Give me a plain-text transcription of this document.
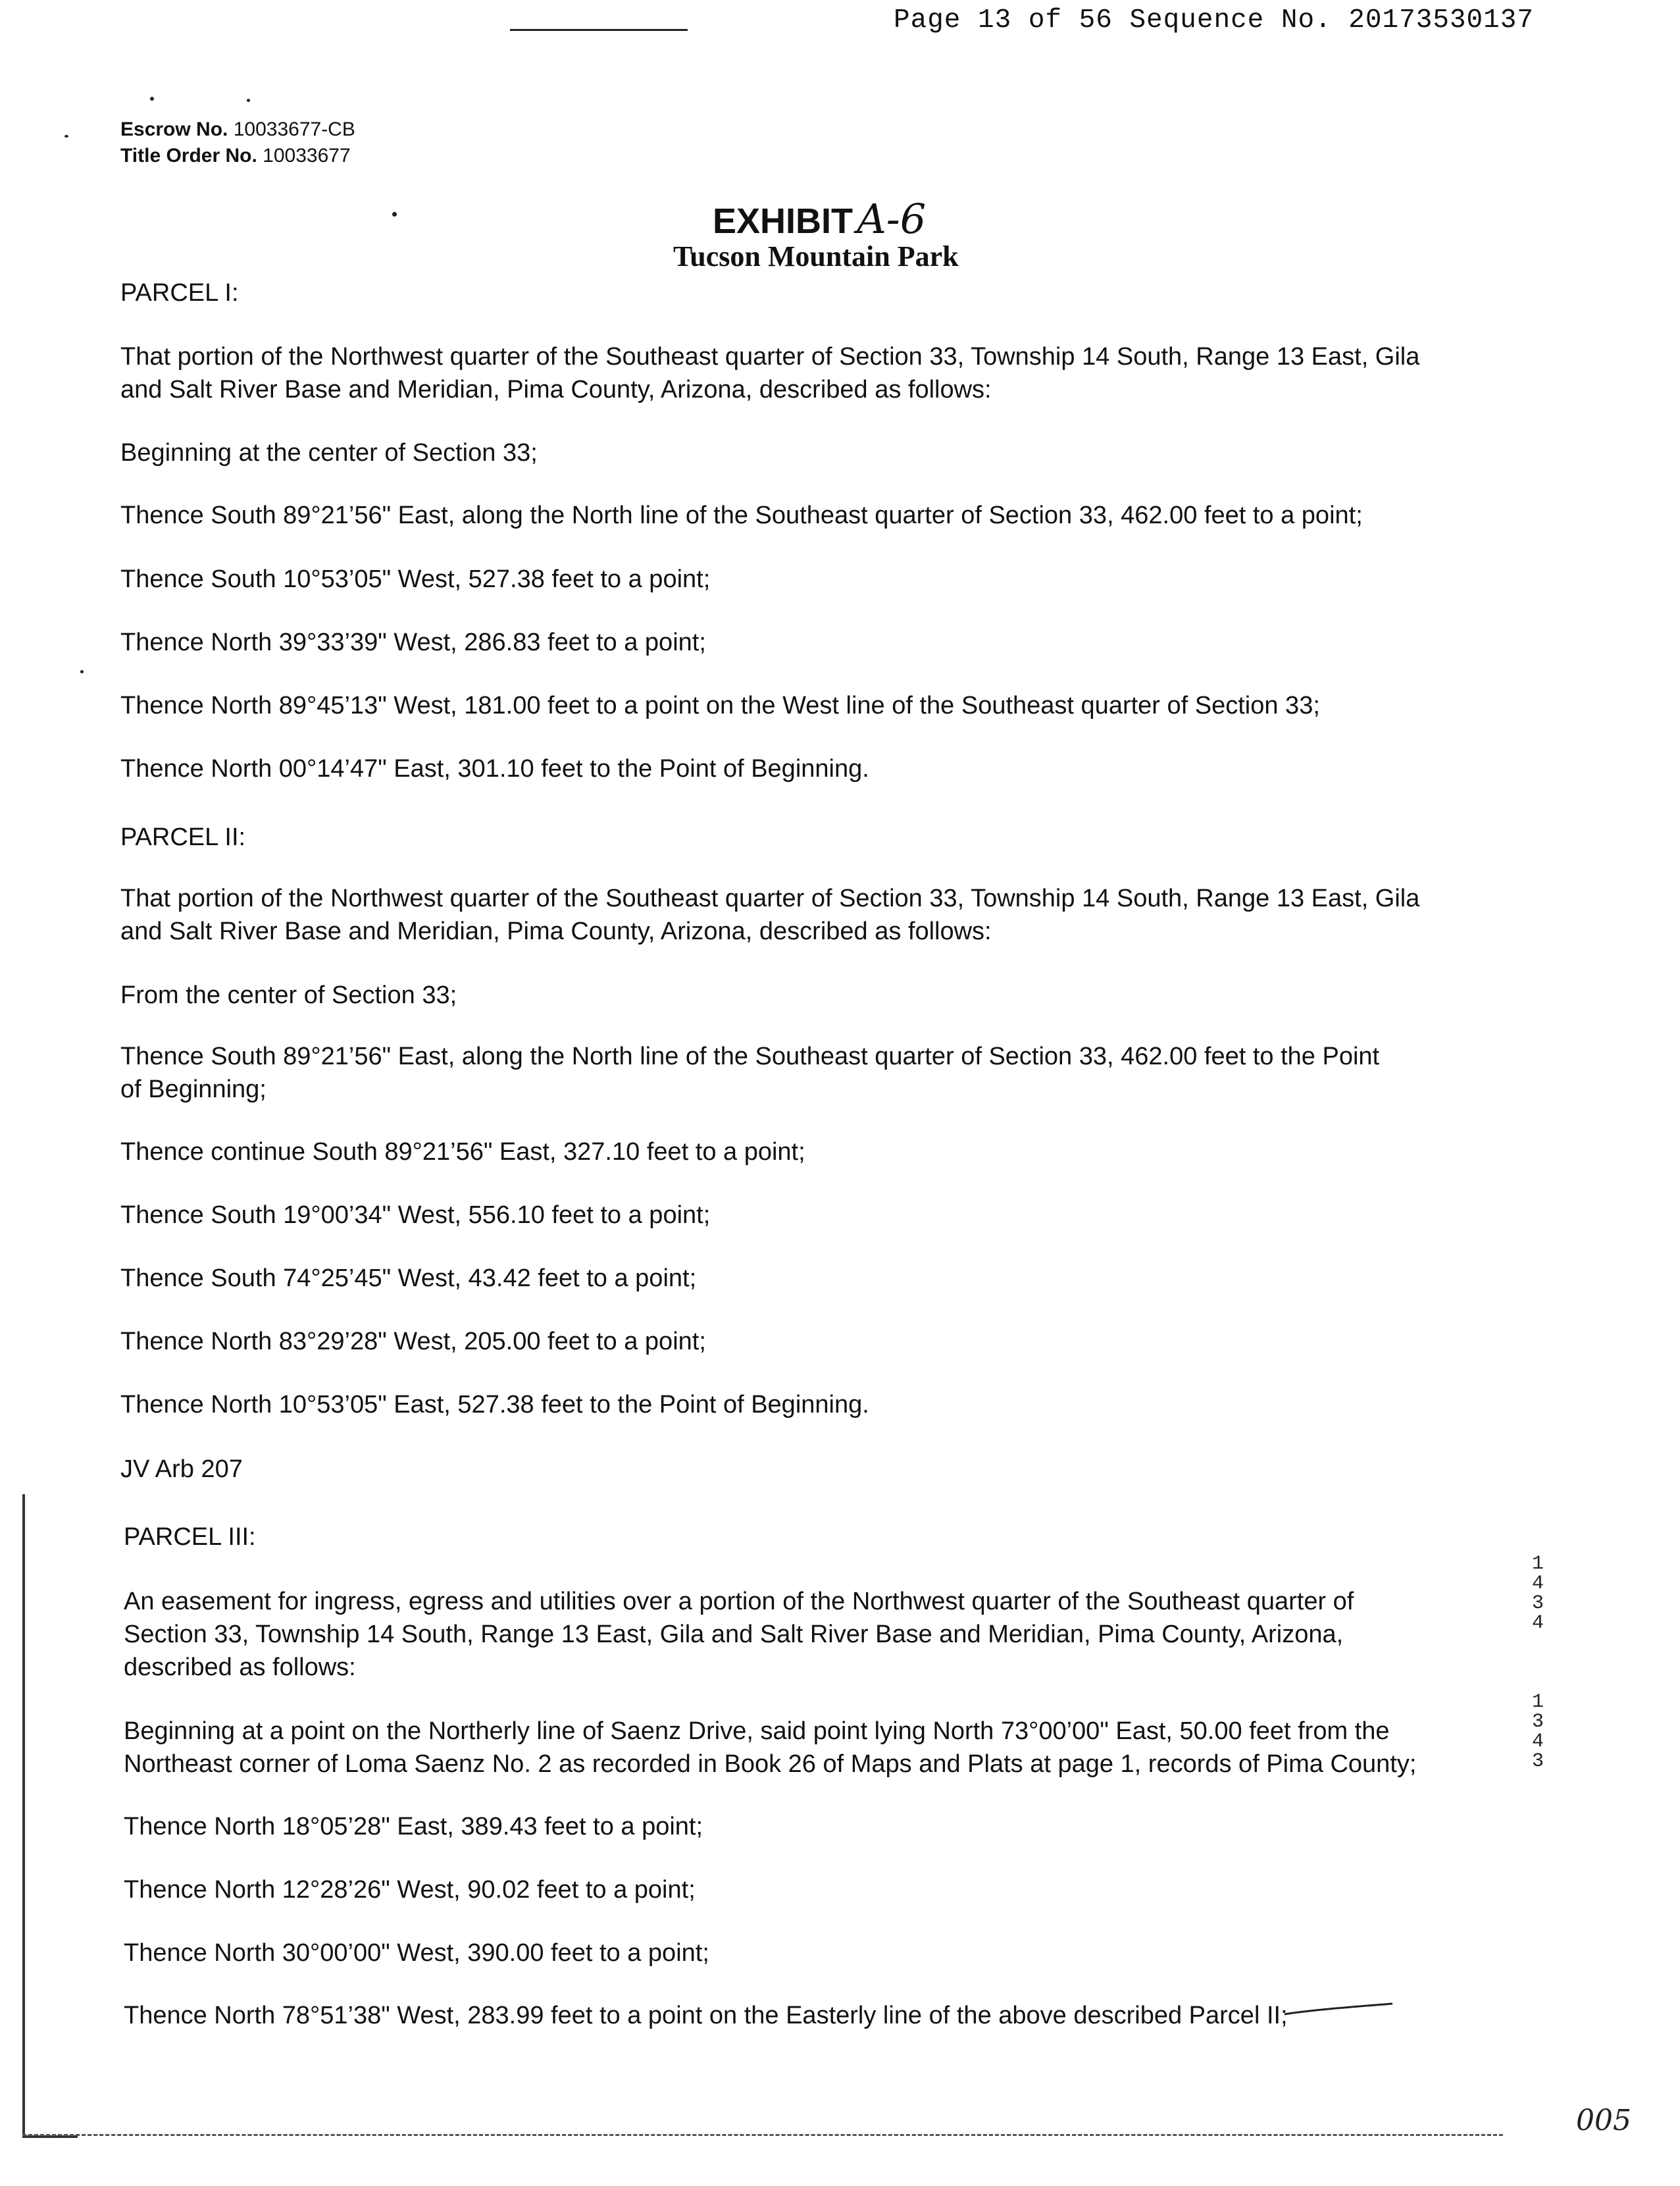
Page 13 of 56 Sequence No. 20173530137
Escrow No. 10033677-CB
Title Order No. 10033677
EXHIBITA-6
Tucson Mountain Park
PARCEL I:
That portion of the Northwest quarter of the Southeast quarter of Section 33, Township 14 South, Range 13 East, Gila
and Salt River Base and Meridian, Pima County, Arizona, described as follows:
Beginning at the center of Section 33;
Thence South 89°21’56" East, along the North line of the Southeast quarter of Section 33, 462.00 feet to a point;
Thence South 10°53’05" West, 527.38 feet to a point;
Thence North 39°33’39" West, 286.83 feet to a point;
Thence North 89°45’13" West, 181.00 feet to a point on the West line of the Southeast quarter of Section 33;
Thence North 00°14’47" East, 301.10 feet to the Point of Beginning.
PARCEL II:
That portion of the Northwest quarter of the Southeast quarter of Section 33, Township 14 South, Range 13 East, Gila
and Salt River Base and Meridian, Pima County, Arizona, described as follows:
From the center of Section 33;
Thence South 89°21’56" East, along the North line of the Southeast quarter of Section 33, 462.00 feet to the Point
of Beginning;
Thence continue South 89°21’56" East, 327.10 feet to a point;
Thence South 19°00’34" West, 556.10 feet to a point;
Thence South 74°25’45" West, 43.42 feet to a point;
Thence North 83°29’28" West, 205.00 feet to a point;
Thence North 10°53’05" East, 527.38 feet to the Point of Beginning.
JV Arb 207
PARCEL III:
An easement for ingress, egress and utilities over a portion of the Northwest quarter of the Southeast quarter of
Section 33, Township 14 South, Range 13 East, Gila and Salt River Base and Meridian, Pima County, Arizona,
described as follows:
Beginning at a point on the Northerly line of Saenz Drive, said point lying North 73°00’00" East, 50.00 feet from the
Northeast corner of Loma Saenz No. 2 as recorded in Book 26 of Maps and Plats at page 1, records of Pima County;
Thence North 18°05’28" East, 389.43 feet to a point;
Thence North 12°28’26" West, 90.02 feet to a point;
Thence North 30°00’00" West, 390.00 feet to a point;
Thence North 78°51’38" West, 283.99 feet to a point on the Easterly line of the above described Parcel II;
1
4
3
4
1
3
4
3
005
